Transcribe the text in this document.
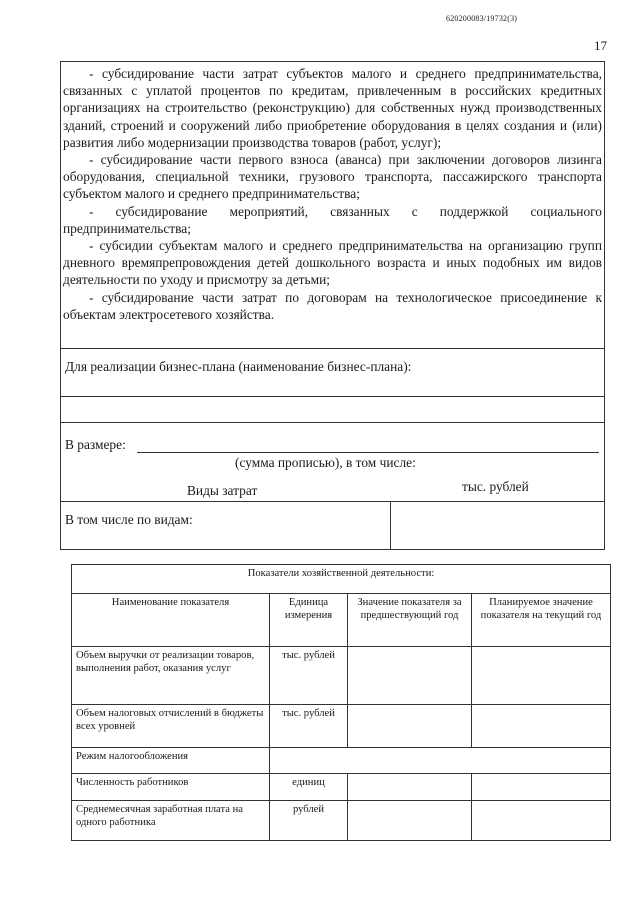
620200083/19732(3)
17

- субсидирование части затрат субъектов малого и среднего предпринимательства, связанных с уплатой процентов по кредитам, привлеченным в российских кредитных организациях на строительство (реконструкцию) для собственных нужд производственных зданий, строений и сооружений либо приобретение оборудования в целях создания и (или) развития либо модернизации производства товаров (работ, услуг);

- субсидирование части первого взноса (аванса) при заключении договоров лизинга оборудования, специальной техники, грузового транспорта, пассажирского транспорта субъектом малого и среднего предпринимательства;

- субсидирование мероприятий, связанных с поддержкой социального предпринимательства;

- субсидии субъектам малого и среднего предпринимательства на организацию групп дневного времяпрепровождения детей дошкольного возраста и иных подобных им видов деятельности по уходу и присмотру за детьми;

- субсидирование части затрат по договорам на технологическое присоединение к объектам электросетевого хозяйства.

Для реализации бизнес-плана (наименование бизнес-плана):
В размере:
(сумма прописью), в том числе:
Виды затрат	тыс. рублей
В том числе по видам:
Показатели хозяйственной деятельности:			
Наименование показателя	Единица измерения	Значение показателя за предшествующий год	Планируемое значение показателя на текущий год
Объем выручки от реализации товаров, выполнения работ, оказания услуг	тыс. рублей		
Объем налоговых отчислений в бюджеты всех уровней	тыс. рублей		
Режим налогообложения			
Численность работников	единиц		
Среднемесячная заработная плата на одного работника	рублей		
